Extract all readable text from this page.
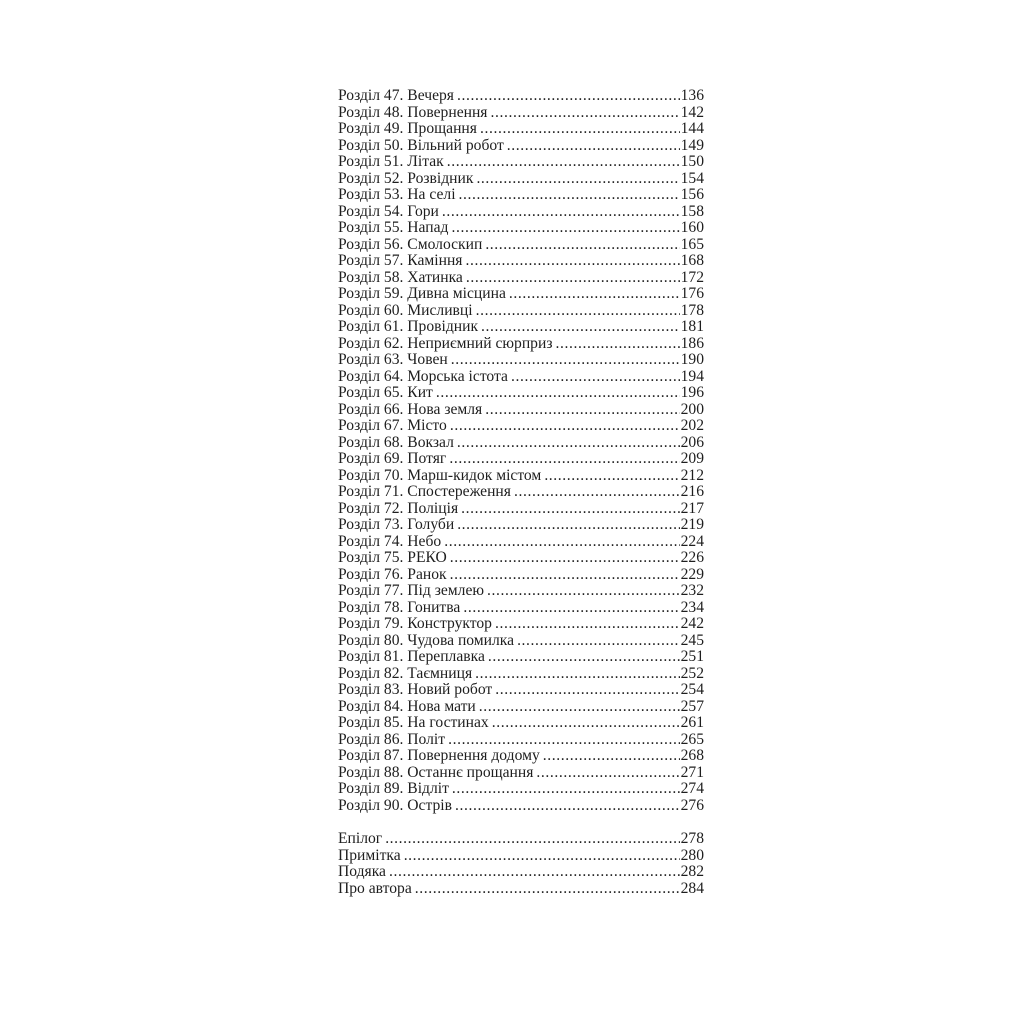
Розділ 47. Вечеря .....	136
Розділ 48. Повернення .....	142
Розділ 49. Прощання .....	144
Розділ 50. Вільний робот .....	149
Розділ 51. Літак .....	150
Розділ 52. Розвідник .....	154
Розділ 53. На селі .....	156
Розділ 54. Гори .....	158
Розділ 55. Напад .....	160
Розділ 56. Смолоскип .....	165
Розділ 57. Каміння .....	168
Розділ 58. Хатинка .....	172
Розділ 59. Дивна місцина .....	176
Розділ 60. Мисливці .....	178
Розділ 61. Провідник .....	181
Розділ 62. Неприємний сюрприз .....	186
Розділ 63. Човен .....	190
Розділ 64. Морська істота .....	194
Розділ 65. Кит .....	196
Розділ 66. Нова земля .....	200
Розділ 67. Місто .....	202
Розділ 68. Вокзал .....	206
Розділ 69. Потяг .....	209
Розділ 70. Марш-кидок містом .....	212
Розділ 71. Спостереження .....	216
Розділ 72. Поліція .....	217
Розділ 73. Голуби .....	219
Розділ 74. Небо .....	224
Розділ 75. РЕКО .....	226
Розділ 76. Ранок .....	229
Розділ 77. Під землею .....	232
Розділ 78. Гонитва .....	234
Розділ 79. Конструктор .....	242
Розділ 80. Чудова помилка .....	245
Розділ 81. Переплавка .....	251
Розділ 82. Таємниця .....	252
Розділ 83. Новий робот .....	254
Розділ 84. Нова мати .....	257
Розділ 85. На гостинах .....	261
Розділ 86. Політ .....	265
Розділ 87. Повернення додому .....	268
Розділ 88. Останнє прощання .....	271
Розділ 89. Відліт .....	274
Розділ 90. Острів .....	276
Епілог .....	278
Примітка .....	280
Подяка .....	282
Про автора .....	284
